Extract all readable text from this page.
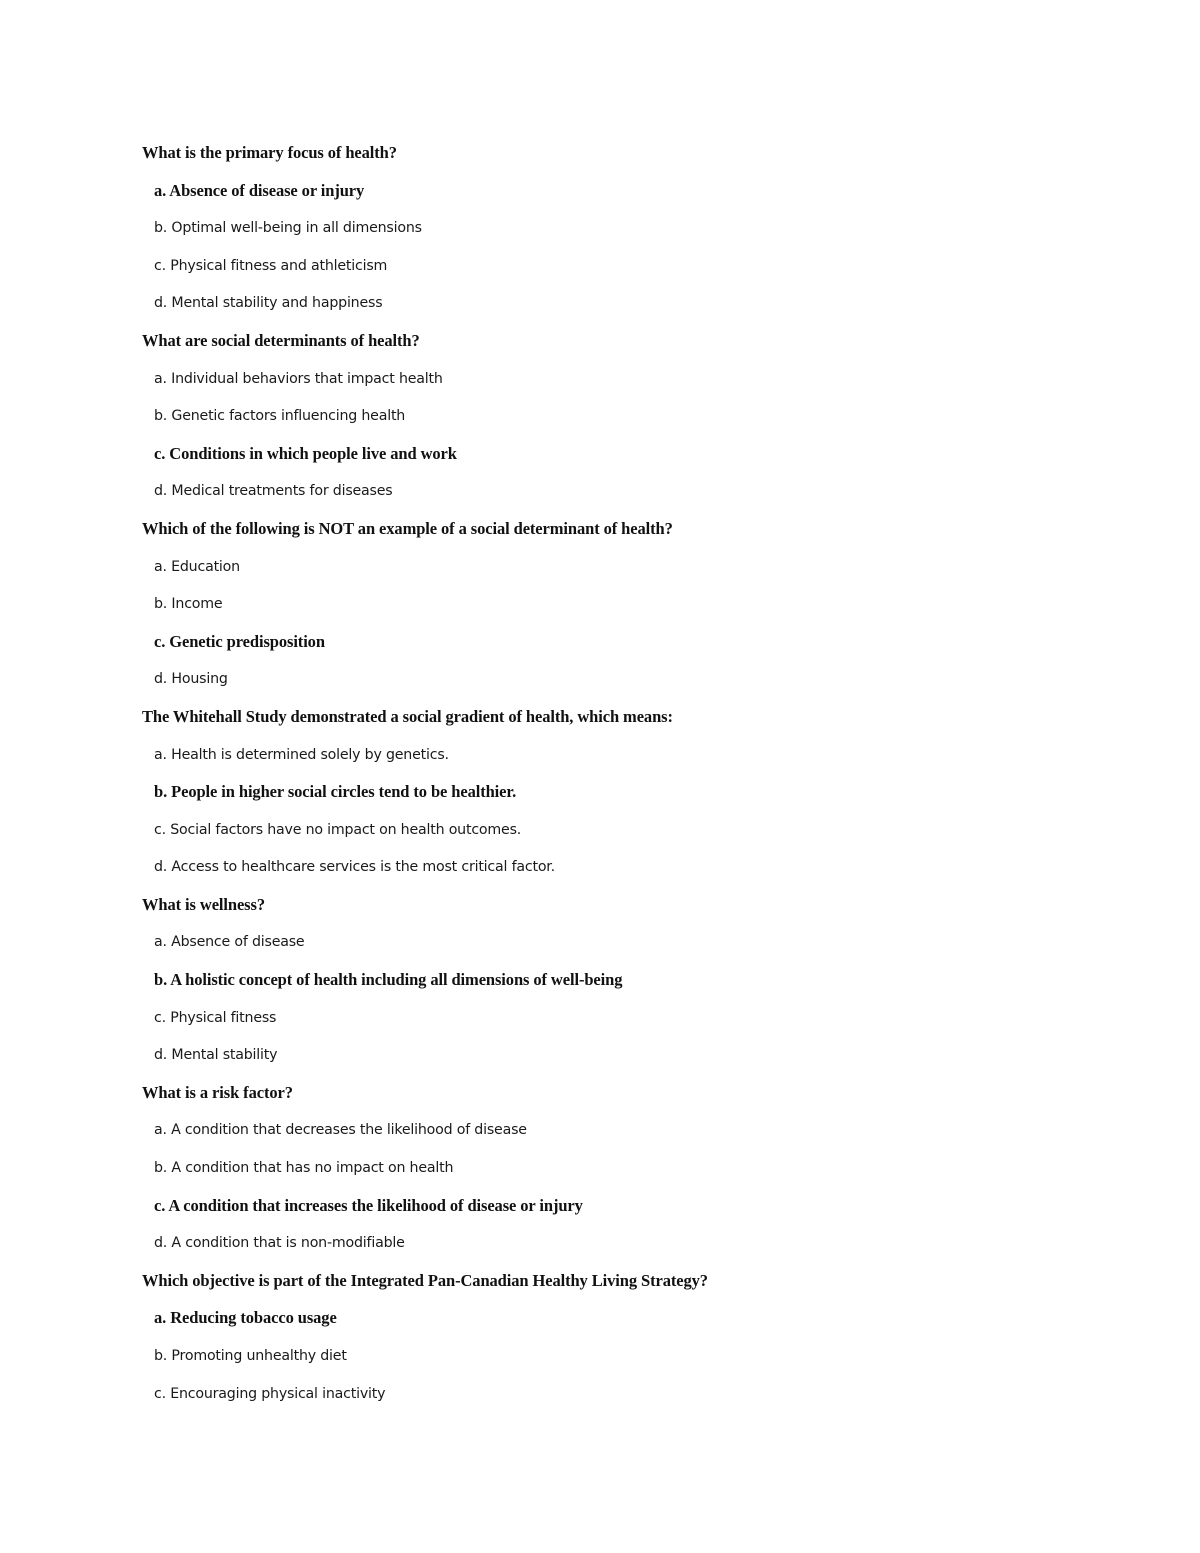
What is the primary focus of health?
a. Absence of disease or injury
b. Optimal well-being in all dimensions
c. Physical fitness and athleticism
d. Mental stability and happiness
What are social determinants of health?
a. Individual behaviors that impact health
b. Genetic factors influencing health
c. Conditions in which people live and work
d. Medical treatments for diseases
Which of the following is NOT an example of a social determinant of health?
a. Education
b. Income
c. Genetic predisposition
d. Housing
The Whitehall Study demonstrated a social gradient of health, which means:
a. Health is determined solely by genetics.
b. People in higher social circles tend to be healthier.
c. Social factors have no impact on health outcomes.
d. Access to healthcare services is the most critical factor.
What is wellness?
a. Absence of disease
b. A holistic concept of health including all dimensions of well-being
c. Physical fitness
d. Mental stability
What is a risk factor?
a. A condition that decreases the likelihood of disease
b. A condition that has no impact on health
c. A condition that increases the likelihood of disease or injury
d. A condition that is non-modifiable
Which objective is part of the Integrated Pan-Canadian Healthy Living Strategy?
a. Reducing tobacco usage
b. Promoting unhealthy diet
c. Encouraging physical inactivity
